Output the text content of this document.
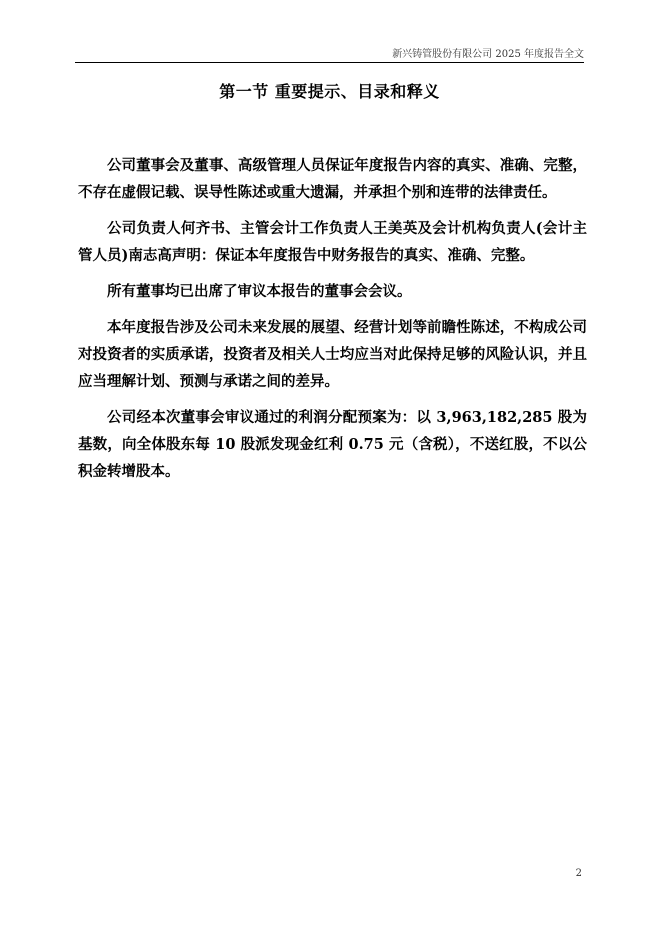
新兴铸管股份有限公司 2025 年度报告全文
第一节 重要提示、目录和释义

公司董事会及董事、高级管理人员保证年度报告内容的真实、准确、完整，不存在虚假记载、误导性陈述或重大遗漏，并承担个别和连带的法律责任。

公司负责人何齐书、主管会计工作负责人王美英及会计机构负责人(会计主管人员)南志高声明：保证本年度报告中财务报告的真实、准确、完整。

所有董事均已出席了审议本报告的董事会会议。

本年度报告涉及公司未来发展的展望、经营计划等前瞻性陈述，不构成公司对投资者的实质承诺，投资者及相关人士均应当对此保持足够的风险认识，并且应当理解计划、预测与承诺之间的差异。

公司经本次董事会审议通过的利润分配预案为：以 3,963,182,285 股为基数，向全体股东每 10 股派发现金红利 0.75 元（含税），不送红股，不以公积金转增股本。

2
